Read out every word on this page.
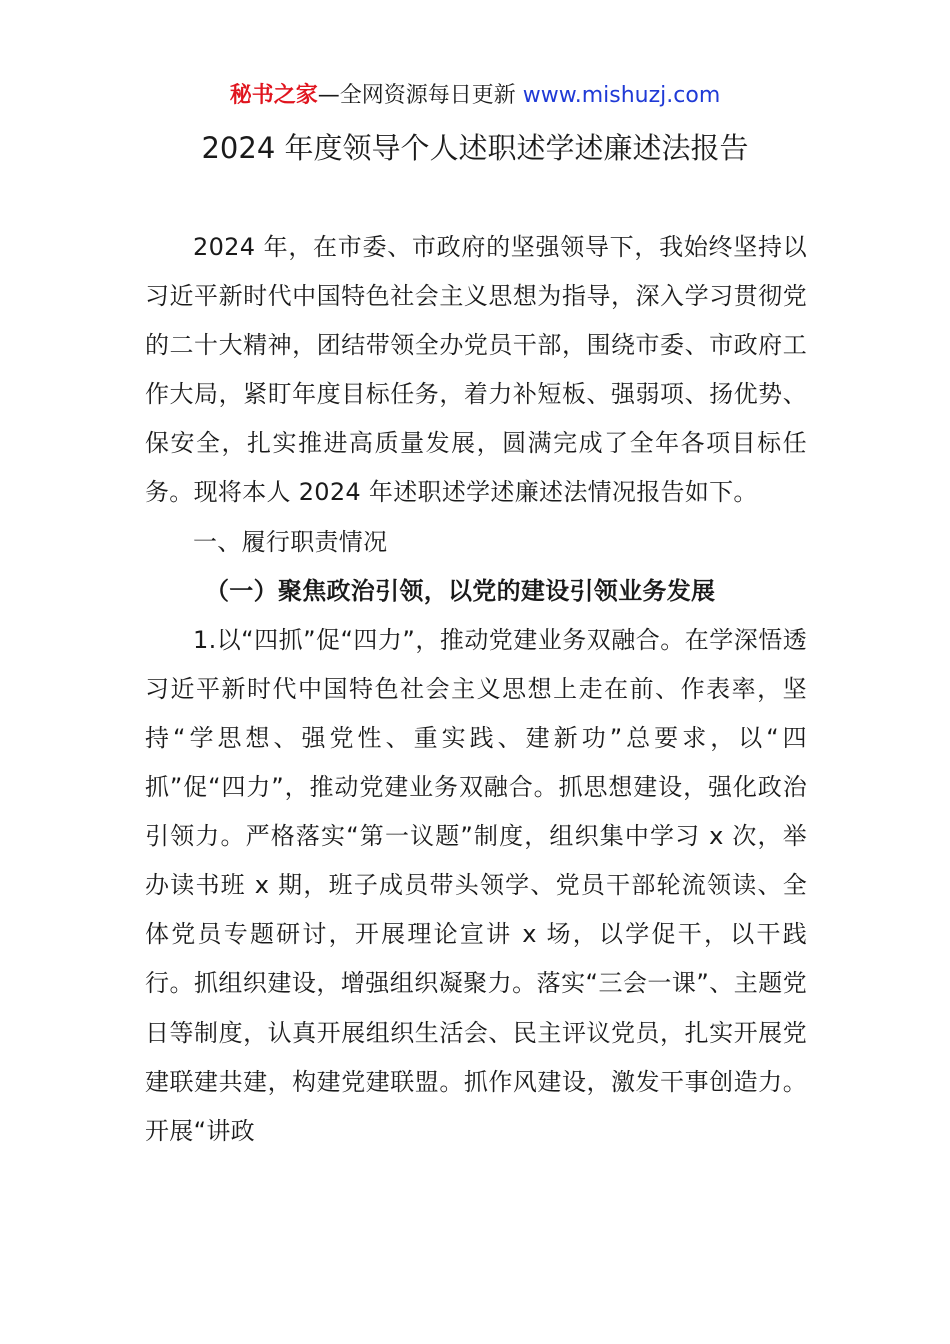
秘书之家—全网资源每日更新 www.mishuzj.com
2024 年度领导个人述职述学述廉述法报告

2024 年，在市委、市政府的坚强领导下，我始终坚持以习近平新时代中国特色社会主义思想为指导，深入学习贯彻党的二十大精神，团结带领全办党员干部，围绕市委、市政府工作大局，紧盯年度目标任务，着力补短板、强弱项、扬优势、保安全，扎实推进高质量发展，圆满完成了全年各项目标任务。现将本人 2024 年述职述学述廉述法情况报告如下。

一、履行职责情况

（一）聚焦政治引领，以党的建设引领业务发展

1.以“四抓”促“四力”，推动党建业务双融合。在学深悟透习近平新时代中国特色社会主义思想上走在前、作表率，坚持“学思想、强党性、重实践、建新功”总要求，以“四抓”促“四力”，推动党建业务双融合。抓思想建设，强化政治引领力。严格落实“第一议题”制度，组织集中学习 x 次，举办读书班 x 期，班子成员带头领学、党员干部轮流领读、全体党员专题研讨，开展理论宣讲 x 场，以学促干，以干践行。抓组织建设，增强组织凝聚力。落实“三会一课”、主题党日等制度，认真开展组织生活会、民主评议党员，扎实开展党建联建共建，构建党建联盟。抓作风建设，激发干事创造力。开展“讲政
